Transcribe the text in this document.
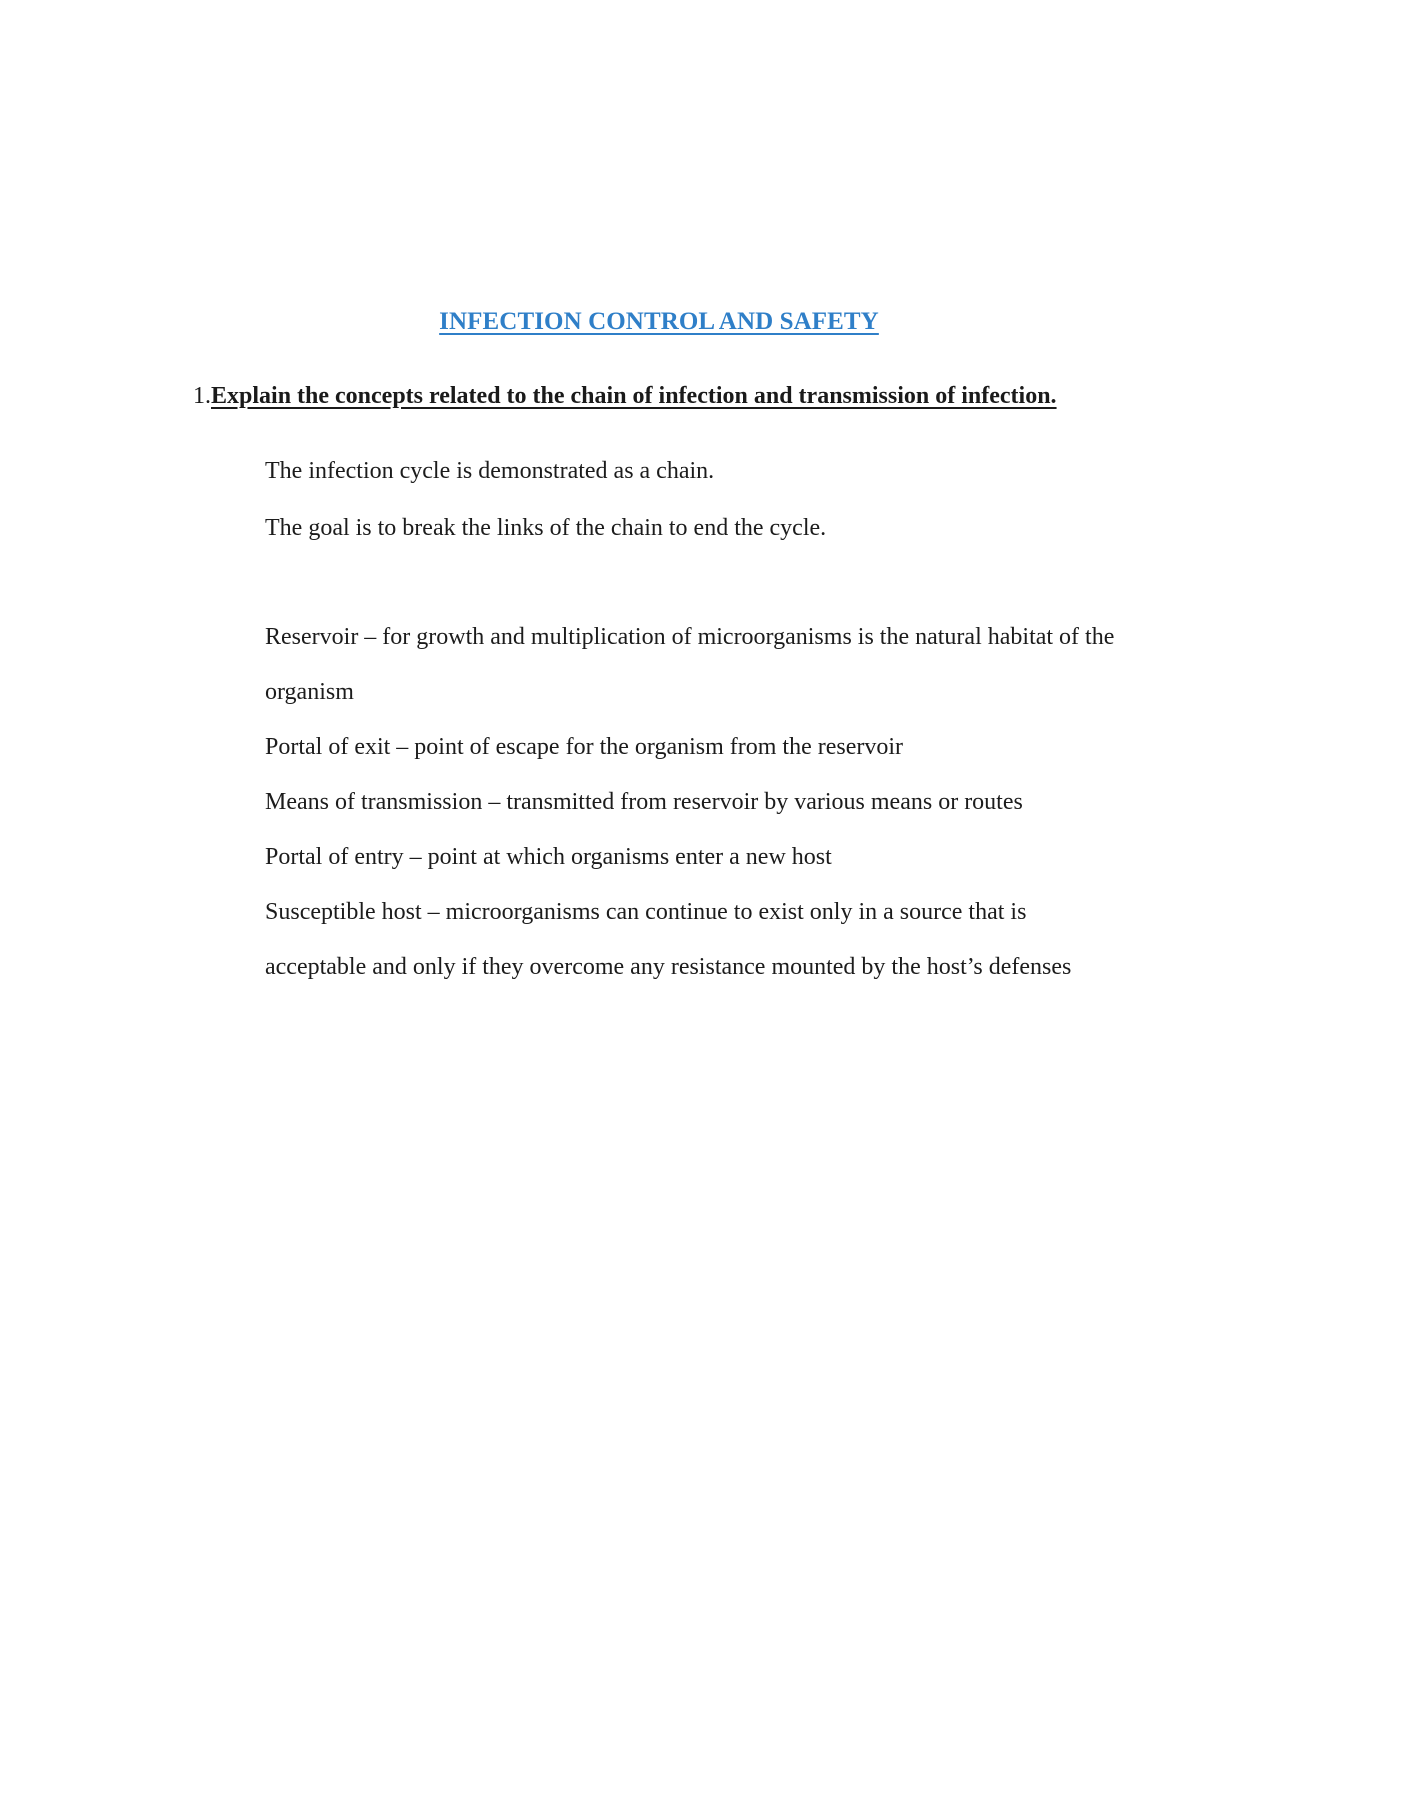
INFECTION CONTROL AND SAFETY
1.Explain the concepts related to the chain of infection and transmission of infection.
The infection cycle is demonstrated as a chain.
The goal is to break the links of the chain to end the cycle.
Reservoir – for growth and multiplication of microorganisms is the natural habitat of the
organism
Portal of exit – point of escape for the organism from the reservoir
Means of transmission – transmitted from reservoir by various means or routes
Portal of entry – point at which organisms enter a new host
Susceptible host – microorganisms can continue to exist only in a source that is
acceptable and only if they overcome any resistance mounted by the host’s defenses
